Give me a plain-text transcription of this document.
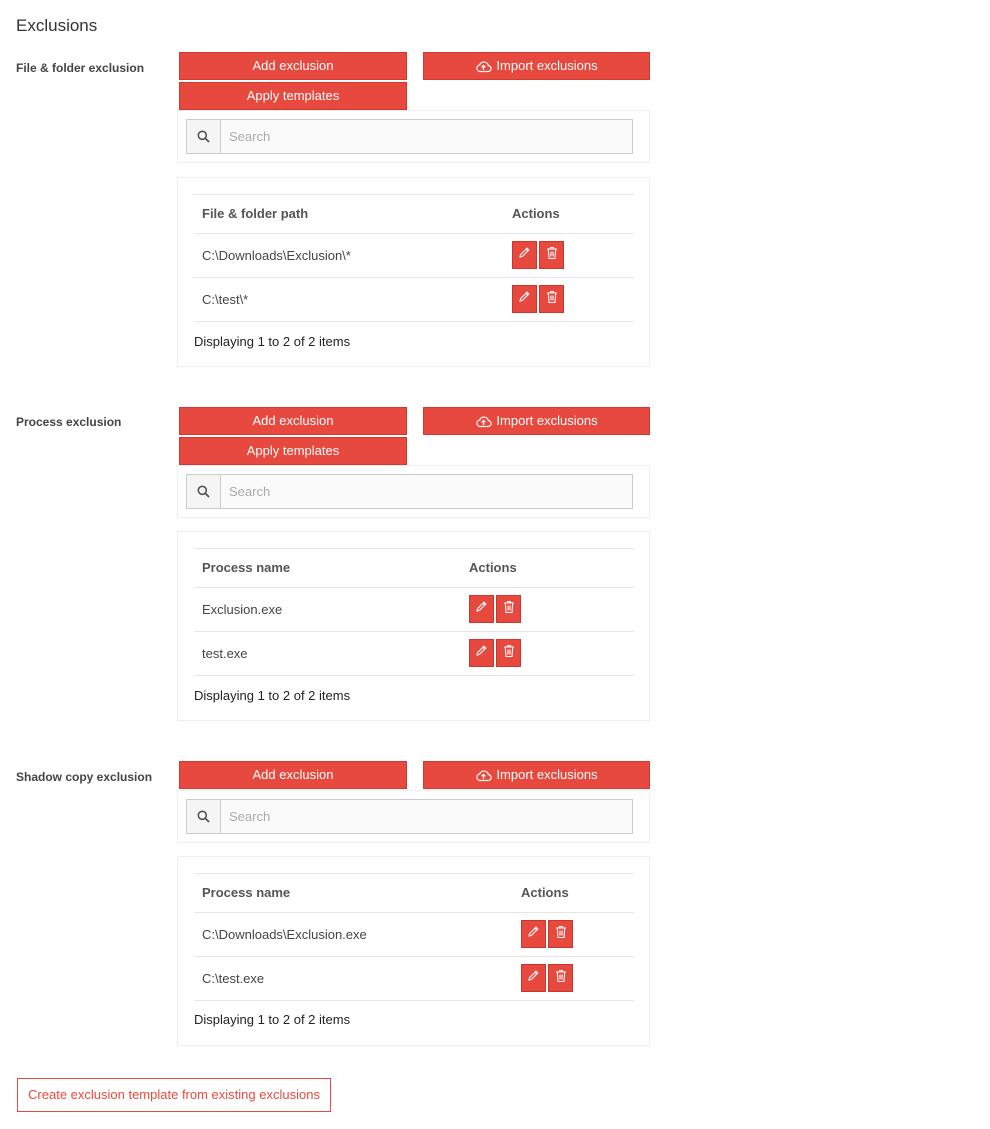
Exclusions
File & folder exclusion	Add exclusion	Import exclusions
Apply templates
Search
File & folder path	Actions
C:\Downloads\Exclusion\*
C:\test\*
Displaying 1 to 2 of 2 items
Process exclusion	Add exclusion	Import exclusions
Apply templates
Search
Process name	Actions
Exclusion.exe
test.exe
Displaying 1 to 2 of 2 items
Shadow copy exclusion	Add exclusion	Import exclusions
Search
Process name	Actions
C:\Downloads\Exclusion.exe
C:\test.exe
Displaying 1 to 2 of 2 items
Create exclusion template from existing exclusions
